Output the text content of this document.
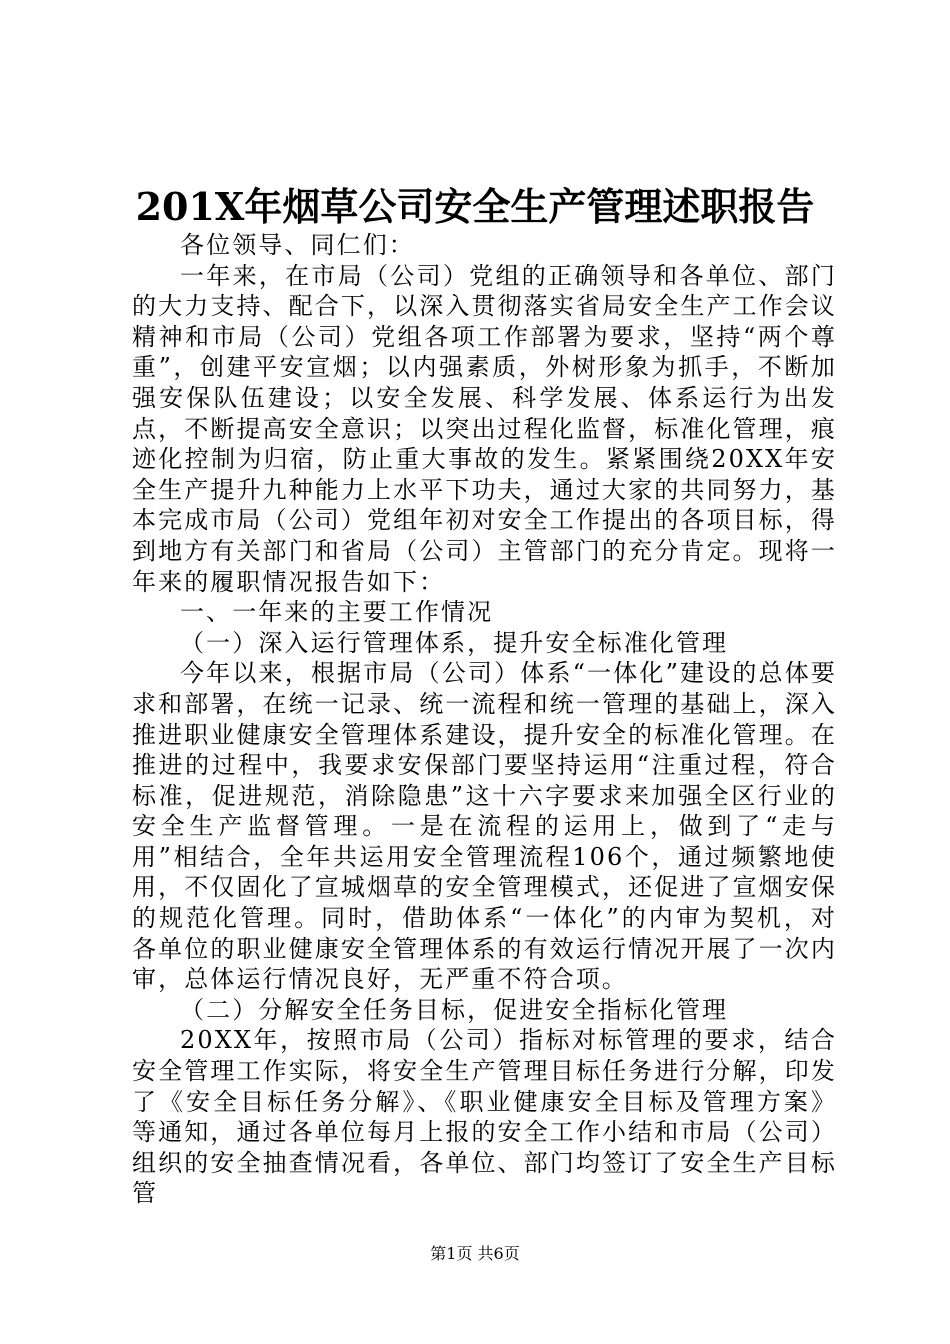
201X年烟草公司安全生产管理述职报告

各位领导、同仁们：

一年来，在市局（公司）党组的正确领导和各单位、部门的大力支持、配合下，以深入贯彻落实省局安全生产工作会议精神和市局（公司）党组各项工作部署为要求，坚持“两个尊重”，创建平安宣烟；以内强素质，外树形象为抓手，不断加强安保队伍建设；以安全发展、科学发展、体系运行为出发点，不断提高安全意识；以突出过程化监督，标准化管理，痕迹化控制为归宿，防止重大事故的发生。紧紧围绕20XX年安全生产提升九种能力上水平下功夫，通过大家的共同努力，基本完成市局（公司）党组年初对安全工作提出的各项目标，得到地方有关部门和省局（公司）主管部门的充分肯定。现将一年来的履职情况报告如下：

一、一年来的主要工作情况

（一）深入运行管理体系，提升安全标准化管理

今年以来，根据市局（公司）体系“一体化”建设的总体要求和部署，在统一记录、统一流程和统一管理的基础上，深入推进职业健康安全管理体系建设，提升安全的标准化管理。在推进的过程中，我要求安保部门要坚持运用“注重过程，符合标准，促进规范，消除隐患”这十六字要求来加强全区行业的安全生产监督管理。一是在流程的运用上，做到了“走与用”相结合，全年共运用安全管理流程106个，通过频繁地使用，不仅固化了宣城烟草的安全管理模式，还促进了宣烟安保的规范化管理。同时，借助体系“一体化”的内审为契机，对各单位的职业健康安全管理体系的有效运行情况开展了一次内审，总体运行情况良好，无严重不符合项。

（二）分解安全任务目标，促进安全指标化管理

20XX年，按照市局（公司）指标对标管理的要求，结合安全管理工作实际，将安全生产管理目标任务进行分解，印发了《安全目标任务分解》、《职业健康安全目标及管理方案》等通知，通过各单位每月上报的安全工作小结和市局（公司）组织的安全抽查情况看，各单位、部门均签订了安全生产目标管

第1页 共6页
